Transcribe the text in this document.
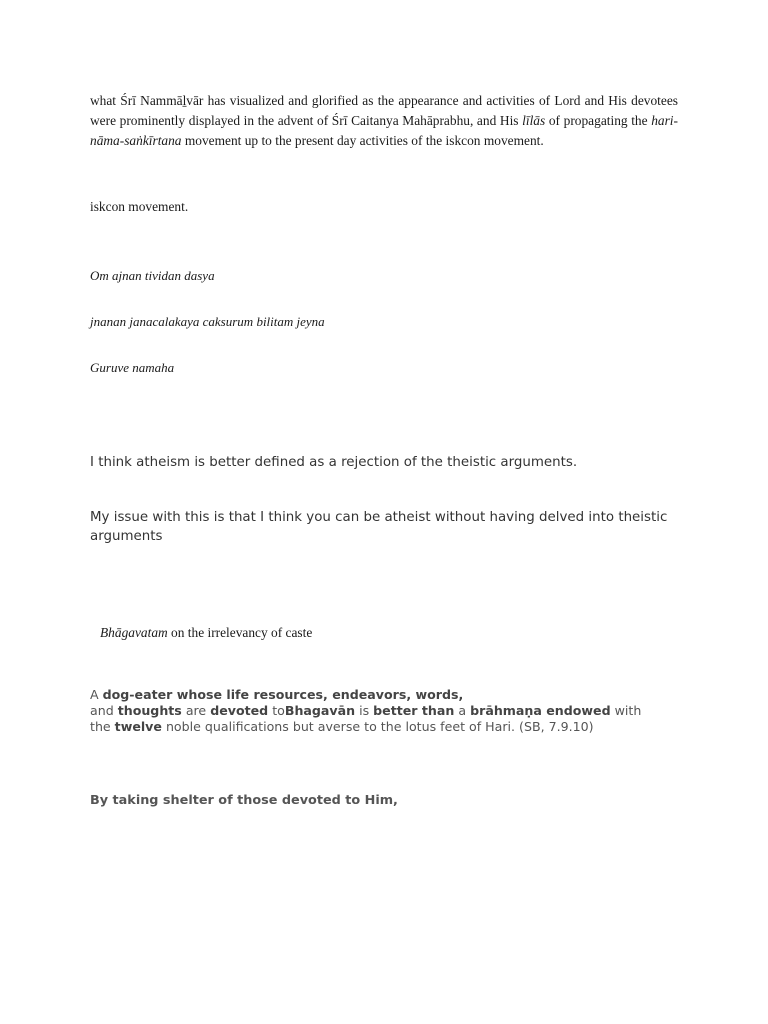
what Śrī Nammāḻvār has visualized and glorified as the appearance and activities of Lord and His devotees were prominently displayed in the advent of Śrī Caitanya Mahāprabhu, and His līlās of propagating the hari-nāma-saṅkīrtana movement up to the present day activities of the iskcon movement.
iskcon movement.
Om ajnan tividan dasya
jnanan janacalakaya caksurum bilitam jeyna
Guruve namaha
I think atheism is better defined as a rejection of the theistic arguments.
My issue with this is that I think you can be atheist without having delved into theistic arguments
Bhāgavatam on the irrelevancy of caste
A dog-eater whose life resources, endeavors, words,
and thoughts are devoted toBhagavān is better than a brāhmaṇa endowed with
the twelve noble qualifications but averse to the lotus feet of Hari. (SB, 7.9.10)
By taking shelter of those devoted to Him,
